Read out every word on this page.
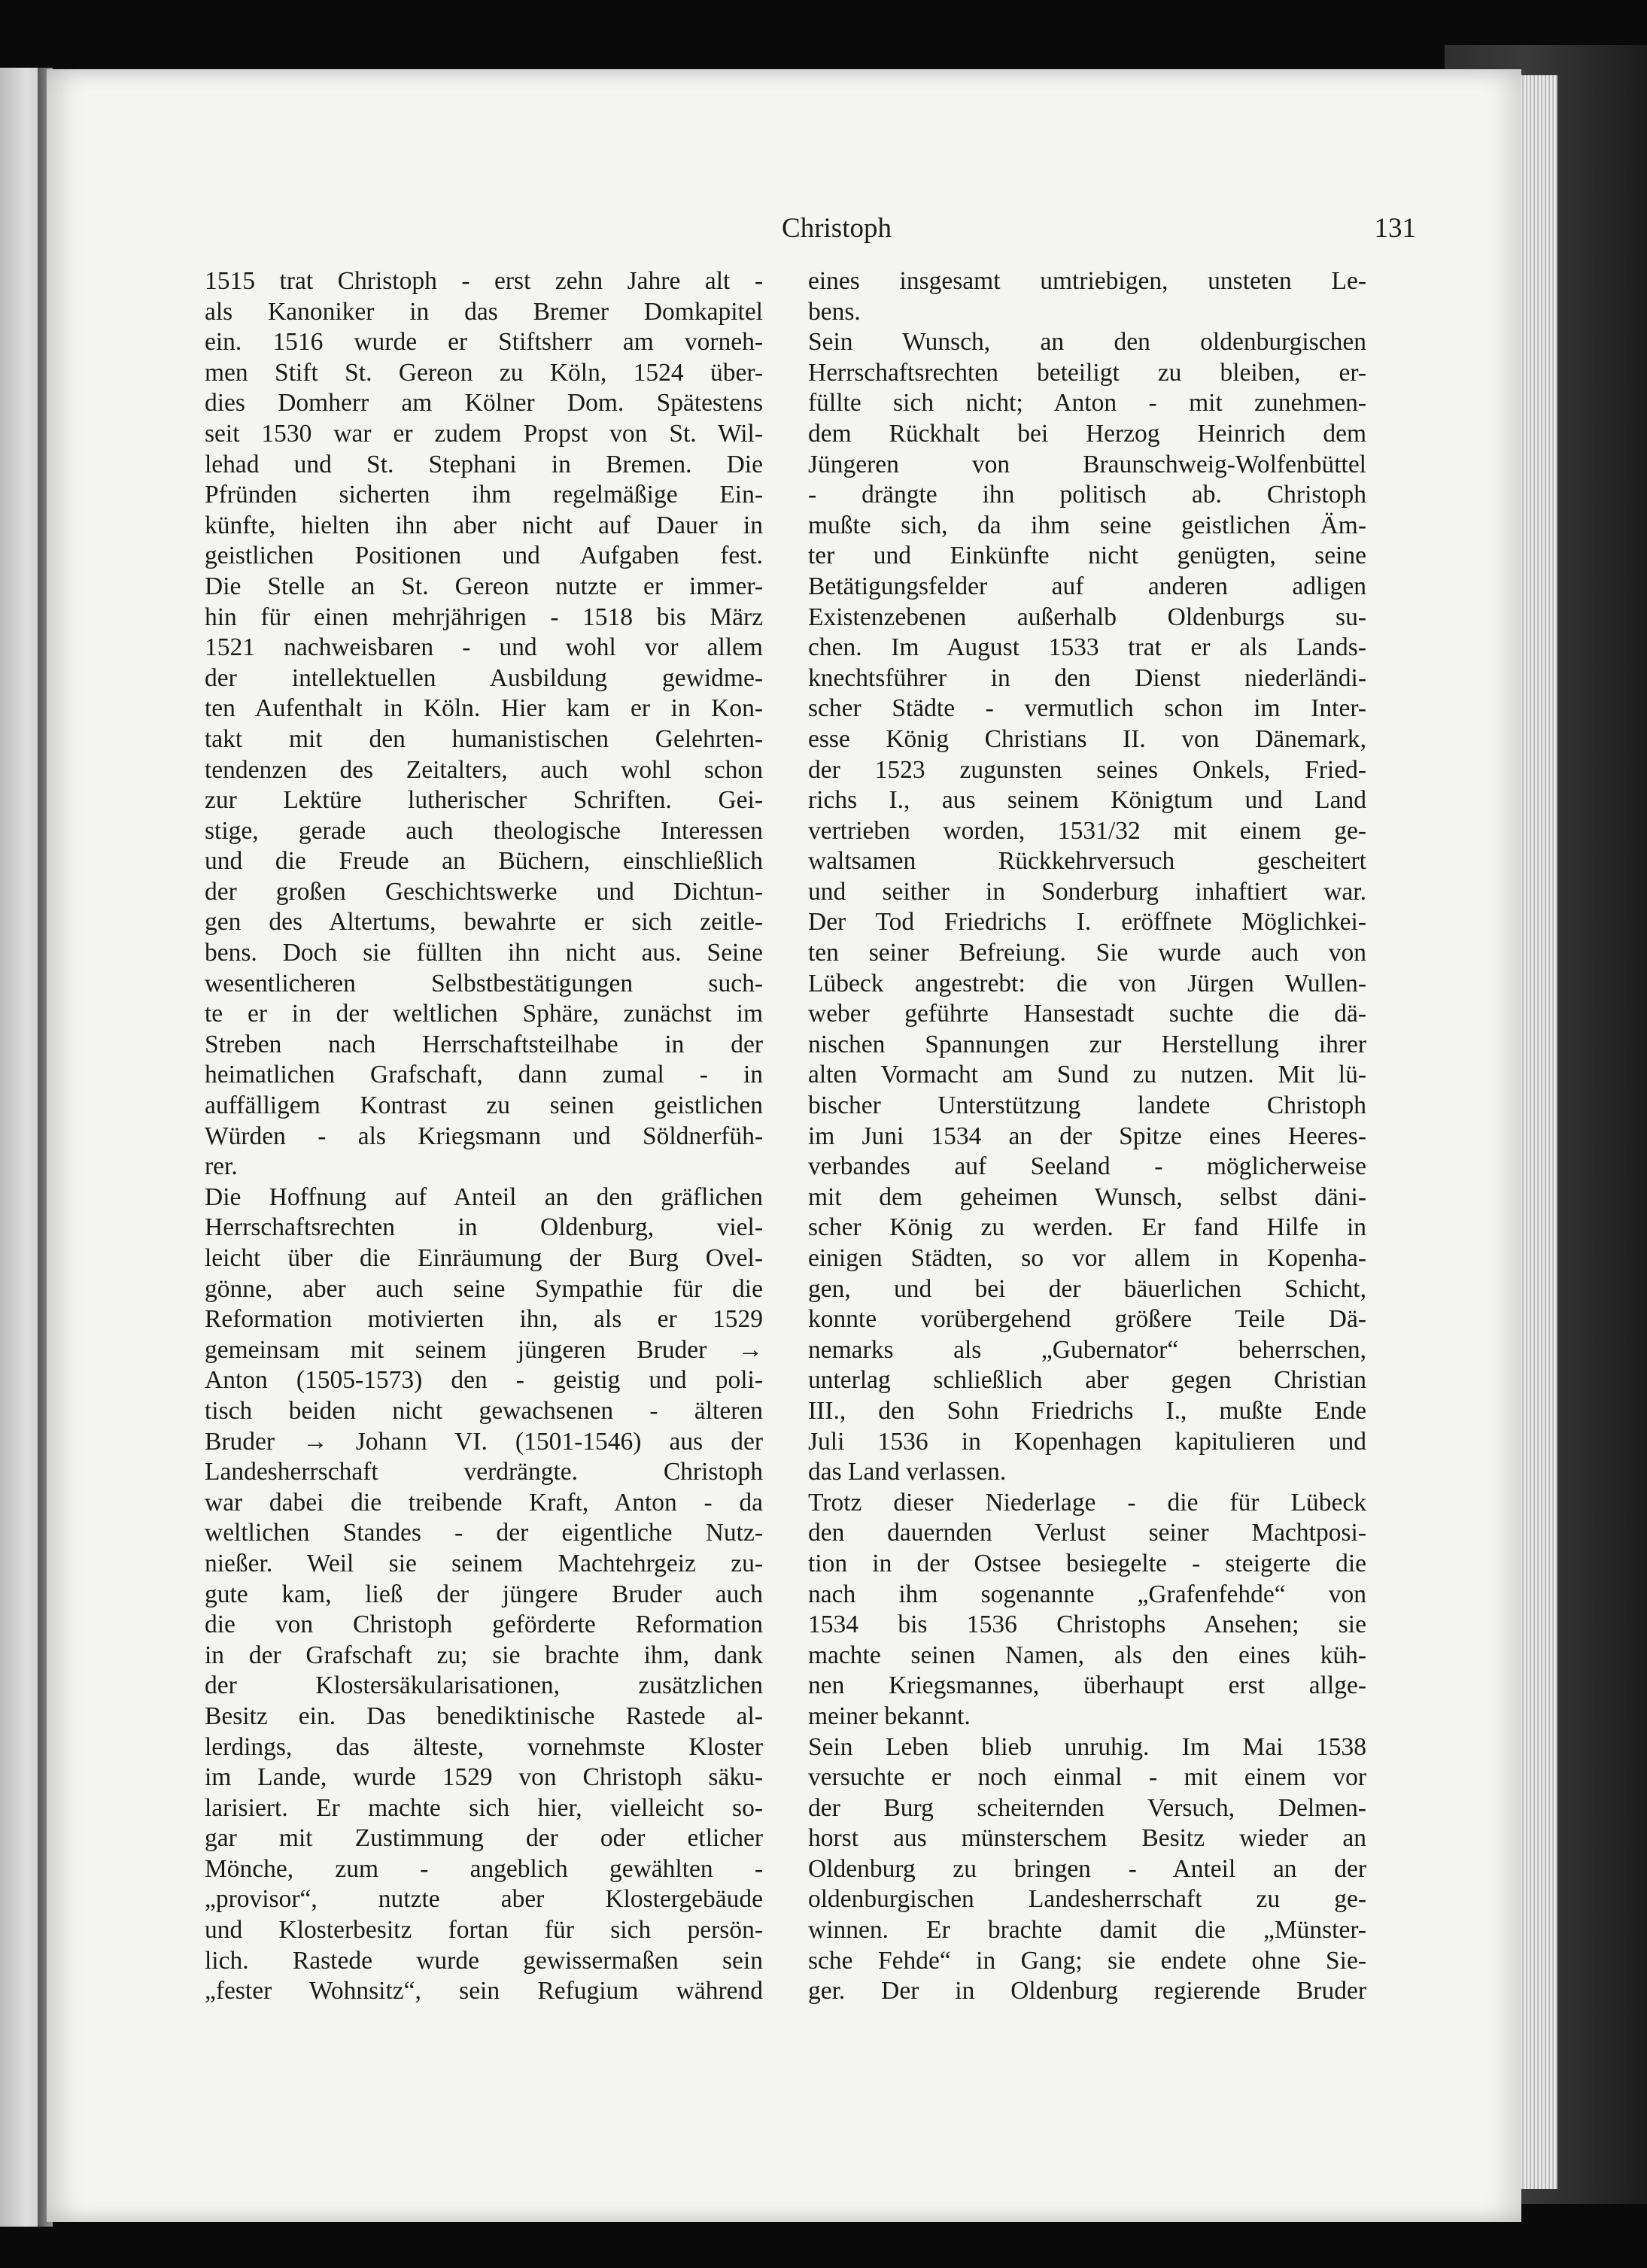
Christoph	131
1515 trat Christoph - erst zehn Jahre alt -
als Kanoniker in das Bremer Domkapitel
ein. 1516 wurde er Stiftsherr am vorneh-
men Stift St. Gereon zu Köln, 1524 über-
dies Domherr am Kölner Dom. Spätestens
seit 1530 war er zudem Propst von St. Wil-
lehad und St. Stephani in Bremen. Die
Pfründen sicherten ihm regelmäßige Ein-
künfte, hielten ihn aber nicht auf Dauer in
geistlichen Positionen und Aufgaben fest.
Die Stelle an St. Gereon nutzte er immer-
hin für einen mehrjährigen - 1518 bis März
1521 nachweisbaren - und wohl vor allem
der intellektuellen Ausbildung gewidme-
ten Aufenthalt in Köln. Hier kam er in Kon-
takt mit den humanistischen Gelehrten-
tendenzen des Zeitalters, auch wohl schon
zur Lektüre lutherischer Schriften. Gei-
stige, gerade auch theologische Interessen
und die Freude an Büchern, einschließlich
der großen Geschichtswerke und Dichtun-
gen des Altertums, bewahrte er sich zeitle-
bens. Doch sie füllten ihn nicht aus. Seine
wesentlicheren Selbstbestätigungen such-
te er in der weltlichen Sphäre, zunächst im
Streben nach Herrschaftsteilhabe in der
heimatlichen Grafschaft, dann zumal - in
auffälligem Kontrast zu seinen geistlichen
Würden - als Kriegsmann und Söldnerfüh-
rer.
Die Hoffnung auf Anteil an den gräflichen
Herrschaftsrechten in Oldenburg, viel-
leicht über die Einräumung der Burg Ovel-
gönne, aber auch seine Sympathie für die
Reformation motivierten ihn, als er 1529
gemeinsam mit seinem jüngeren Bruder →
Anton (1505-1573) den - geistig und poli-
tisch beiden nicht gewachsenen - älteren
Bruder → Johann VI. (1501-1546) aus der
Landesherrschaft verdrängte. Christoph
war dabei die treibende Kraft, Anton - da
weltlichen Standes - der eigentliche Nutz-
nießer. Weil sie seinem Machtehrgeiz zu-
gute kam, ließ der jüngere Bruder auch
die von Christoph geförderte Reformation
in der Grafschaft zu; sie brachte ihm, dank
der Klostersäkularisationen, zusätzlichen
Besitz ein. Das benediktinische Rastede al-
lerdings, das älteste, vornehmste Kloster
im Lande, wurde 1529 von Christoph säku-
larisiert. Er machte sich hier, vielleicht so-
gar mit Zustimmung der oder etlicher
Mönche, zum - angeblich gewählten -
„provisor“, nutzte aber Klostergebäude
und Klosterbesitz fortan für sich persön-
lich. Rastede wurde gewissermaßen sein
„fester Wohnsitz“, sein Refugium während
eines insgesamt umtriebigen, unsteten Le-
bens.
Sein Wunsch, an den oldenburgischen
Herrschaftsrechten beteiligt zu bleiben, er-
füllte sich nicht; Anton - mit zunehmen-
dem Rückhalt bei Herzog Heinrich dem
Jüngeren von Braunschweig-Wolfenbüttel
- drängte ihn politisch ab. Christoph
mußte sich, da ihm seine geistlichen Äm-
ter und Einkünfte nicht genügten, seine
Betätigungsfelder auf anderen adligen
Existenzebenen außerhalb Oldenburgs su-
chen. Im August 1533 trat er als Lands-
knechtsführer in den Dienst niederländi-
scher Städte - vermutlich schon im Inter-
esse König Christians II. von Dänemark,
der 1523 zugunsten seines Onkels, Fried-
richs I., aus seinem Königtum und Land
vertrieben worden, 1531/32 mit einem ge-
waltsamen Rückkehrversuch gescheitert
und seither in Sonderburg inhaftiert war.
Der Tod Friedrichs I. eröffnete Möglichkei-
ten seiner Befreiung. Sie wurde auch von
Lübeck angestrebt: die von Jürgen Wullen-
weber geführte Hansestadt suchte die dä-
nischen Spannungen zur Herstellung ihrer
alten Vormacht am Sund zu nutzen. Mit lü-
bischer Unterstützung landete Christoph
im Juni 1534 an der Spitze eines Heeres-
verbandes auf Seeland - möglicherweise
mit dem geheimen Wunsch, selbst däni-
scher König zu werden. Er fand Hilfe in
einigen Städten, so vor allem in Kopenha-
gen, und bei der bäuerlichen Schicht,
konnte vorübergehend größere Teile Dä-
nemarks als „Gubernator“ beherrschen,
unterlag schließlich aber gegen Christian
III., den Sohn Friedrichs I., mußte Ende
Juli 1536 in Kopenhagen kapitulieren und
das Land verlassen.
Trotz dieser Niederlage - die für Lübeck
den dauernden Verlust seiner Machtposi-
tion in der Ostsee besiegelte - steigerte die
nach ihm sogenannte „Grafenfehde“ von
1534 bis 1536 Christophs Ansehen; sie
machte seinen Namen, als den eines küh-
nen Kriegsmannes, überhaupt erst allge-
meiner bekannt.
Sein Leben blieb unruhig. Im Mai 1538
versuchte er noch einmal - mit einem vor
der Burg scheiternden Versuch, Delmen-
horst aus münsterschem Besitz wieder an
Oldenburg zu bringen - Anteil an der
oldenburgischen Landesherrschaft zu ge-
winnen. Er brachte damit die „Münster-
sche Fehde“ in Gang; sie endete ohne Sie-
ger. Der in Oldenburg regierende Bruder
